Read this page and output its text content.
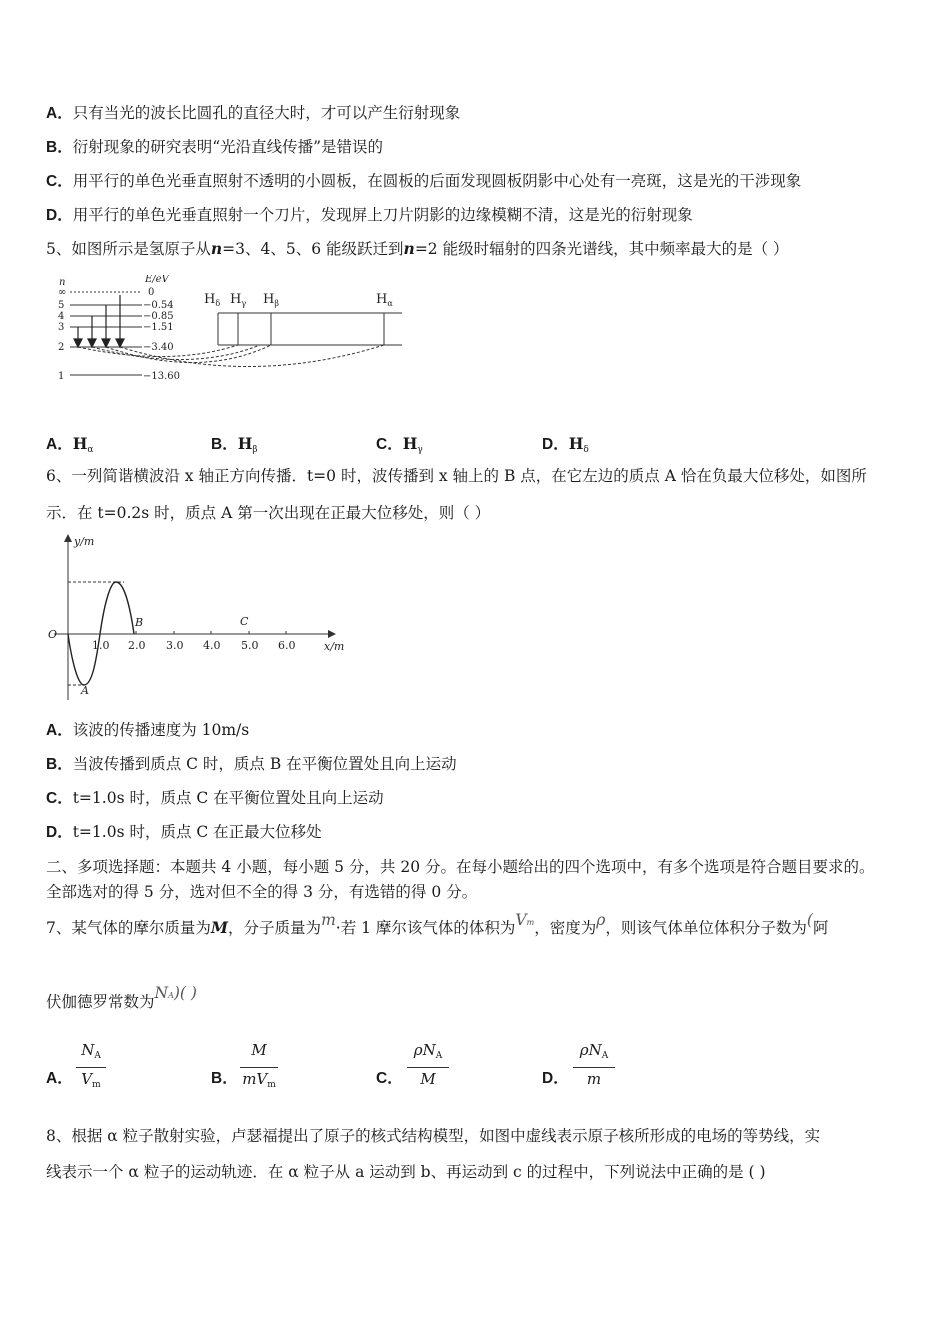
A．只有当光的波长比圆孔的直径大时，才可以产生衍射现象
B．衍射现象的研究表明“光沿直线传播”是错误的
C．用平行的单色光垂直照射不透明的小圆板，在圆板的后面发现圆板阴影中心处有一亮斑，这是光的干涉现象
D．用平行的单色光垂直照射一个刀片，发现屏上刀片阴影的边缘模糊不清，这是光的衍射现象
5、如图所示是氢原子从n=3、4、5、6 能级跃迁到n=2 能级时辐射的四条光谱线，其中频率最大的是（ ）
n	E/eV
∞
5
4
3
2
1
0
−0.54
−0.85
−1.51
−3.40
−13.60
$H_\delta$ $H_\gamma$ $H_\beta$	$H_\alpha$
A．$H_\alpha$	B．$H_\beta$	C．$H_\gamma$	D．$H_\delta$
6、一列简谐横波沿 x 轴正方向传播．t=0 时，波传播到 x 轴上的 B 点，在它左边的质点 A 恰在负最大位移处，如图所
示．在 t=0.2s 时，质点 A 第一次出现在正最大位移处，则（ ）
y/m
x/m
O
1.0 2.0 3.0 4.0 5.0 6.0
A
B	C
A．该波的传播速度为 10m/s
B．当波传播到质点 C 时，质点 B 在平衡位置处且向上运动
C．t=1.0s 时，质点 C 在平衡位置处且向上运动
D．t=1.0s 时，质点 C 在正最大位移处
二、多项选择题：本题共 4 小题，每小题 5 分，共 20 分。在每小题给出的四个选项中，有多个选项是符合题目要求的。
全部选对的得 5 分，选对但不全的得 3 分，有选错的得 0 分。
7、某气体的摩尔质量为M，分子质量为m·若 1 摩尔该气体的体积为Vm，密度为ρ，则该气体单位体积分子数为(阿
伏伽德罗常数为NA)( )
A．	B．	C．	D．
$N_A$
$V_m$
M
$mV_m$
$\rho N_A$
M
$\rho N_A$
m
8、根据 α 粒子散射实验，卢瑟福提出了原子的核式结构模型，如图中虚线表示原子核所形成的电场的等势线，实
线表示一个 α 粒子的运动轨迹．在 α 粒子从 a 运动到 b、再运动到 c 的过程中，下列说法中正确的是 ( )
